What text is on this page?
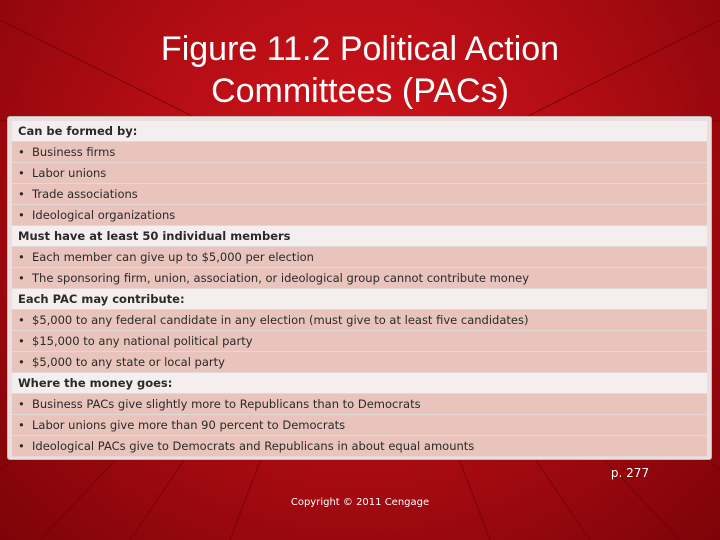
Figure 11.2 Political Action
Committees (PACs)
Can be formed by:
• Business firms
• Labor unions
• Trade associations
• Ideological organizations
Must have at least 50 individual members
• Each member can give up to $5,000 per election
• The sponsoring firm, union, association, or ideological group cannot contribute money
Each PAC may contribute:
• $5,000 to any federal candidate in any election (must give to at least five candidates)
• $15,000 to any national political party
• $5,000 to any state or local party
Where the money goes:
• Business PACs give slightly more to Republicans than to Democrats
• Labor unions give more than 90 percent to Democrats
• Ideological PACs give to Democrats and Republicans in about equal amounts
p. 277
Copyright © 2011 Cengage
